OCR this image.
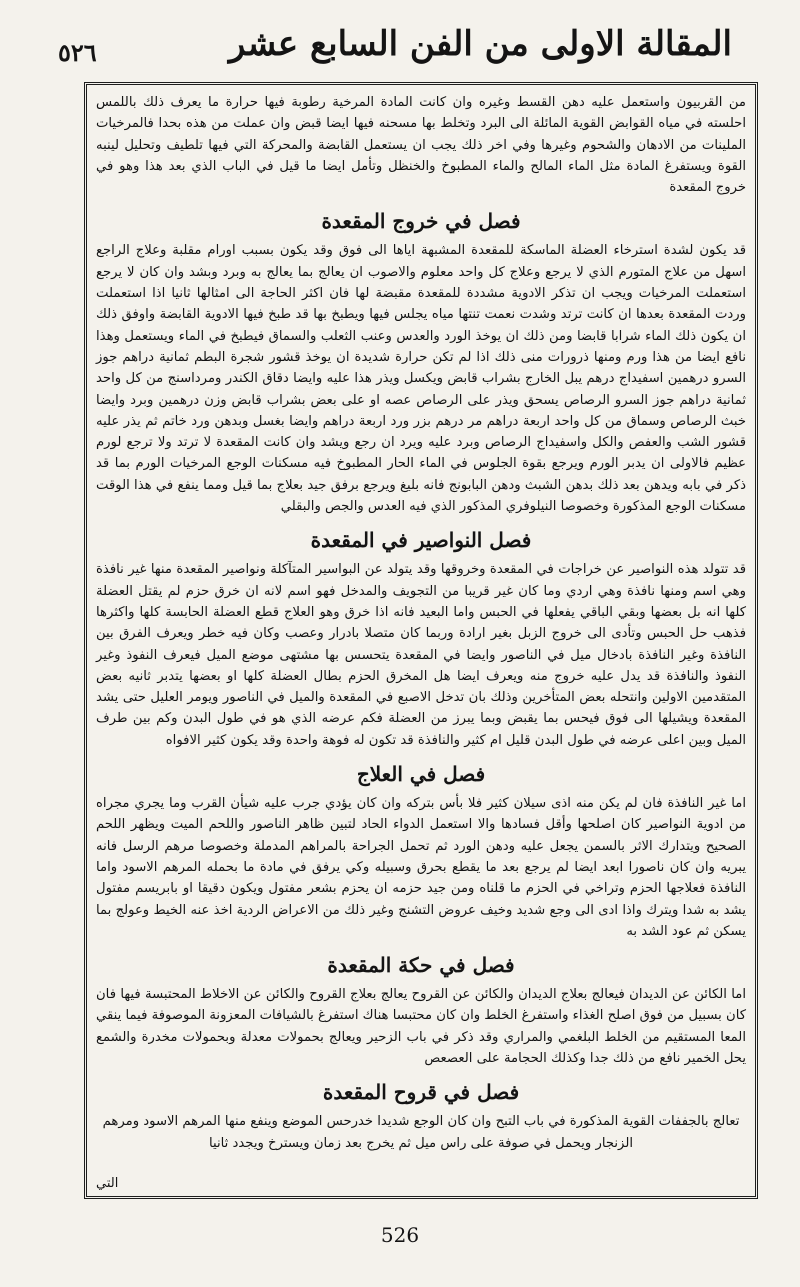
٥٢٦	المقالة الاولى من الفن السابع عشر

من القربيون واستعمل عليه دهن القسط وغيره وان كانت المادة المرخية رطوبة فيها حرارة ما يعرف ذلك باللمس احلسته في مياه القوابض القوية المائلة الى البرد وتخلط بها مسحنه فيها ايضا قبض وان عملت من هذه بحدا فالمرخيات الملينات من الادهان والشحوم وغيرها وفي اخر ذلك يجب ان يستعمل القابضة والمحركة التي فيها تلطيف وتحليل لينبه القوة ويستفرغ المادة مثل الماء المالح والماء المطبوخ والخنظل وتأمل ايضا ما قيل في الباب الذي بعد هذا وهو في خروج المقعدة

فصل في خروج المقعدة

قد يكون لشدة استرخاء العضلة الماسكة للمقعدة المشبهة اياها الى فوق وقد يكون بسبب اورام مقلبة وعلاج الراجع اسهل من علاج المتورم الذي لا يرجع وعلاج كل واحد معلوم والاصوب ان يعالج بما يعالج به وبرد وبشد وان كان لا يرجع استعملت المرخيات ويجب ان تذكر الادوية مشددة للمقعدة مقبضة لها فان اكثر الحاجة الى امثالها ثانيا اذا استعملت وردت المقعدة بعدها ان كانت ترتد وشدت نعمت تنتها مياه يجلس فيها ويطبخ بها قد طبخ فيها الادوية القابضة واوفق ذلك ان يكون ذلك الماء شرابا قابضا ومن ذلك ان يوخذ الورد والعدس وعنب الثعلب والسماق فيطبخ في الماء ويستعمل وهذا نافع ايضا من هذا ورم ومنها ذرورات منى ذلك اذا لم تكن حرارة شديدة ان يوخذ قشور شجرة البطم ثمانية دراهم جوز السرو درهمين اسفيداج درهم يبل الخارج بشراب قابض ويكسل ويذر هذا عليه وايضا دقاق الكندر ومرداسنج من كل واحد ثمانية دراهم جوز السرو الرصاص يسحق ويذر على الرصاص عصه او على بعض بشراب قابض وزن درهمين وبرد وايضا خبث الرصاص وسماق من كل واحد اربعة دراهم مر درهم بزر ورد اربعة دراهم وايضا بغسل وبدهن ورد خاتم ثم يذر عليه قشور الشب والعفص والكل واسفيداج الرصاص وبرد عليه ويرد ان رجع ويشد وان كانت المقعدة لا ترتد ولا ترجع لورم عظيم فالاولى ان يدبر الورم ويرجع بقوة الجلوس في الماء الحار المطبوخ فيه مسكنات الوجع المرخيات الورم بما قد ذكر في بابه ويدهن بعد ذلك بدهن الشبث ودهن البابونج فانه بليغ ويرجع برفق جيد بعلاج بما قيل ومما ينفع في هذا الوقت مسكنات الوجع المذكورة وخصوصا النيلوفري المذكور الذي فيه العدس والجص والبقلي

فصل النواصير في المقعدة

قد تتولد هذه النواصير عن خراجات في المقعدة وخروقها وقد يتولد عن البواسير المتآكلة ونواصير المقعدة منها غير نافذة وهي اسم ومنها نافذة وهي اردي وما كان غير قريبا من التجويف والمدخل فهو اسم لانه ان خرق حزم لم يقتل العضلة كلها انه بل بعضها وبقي الباقي يفعلها في الحبس واما البعيد فانه اذا خرق وهو العلاج قطع العضلة الحابسة كلها واكثرها فذهب حل الحبس وتأدى الى خروج الزبل بغير ارادة وربما كان متصلا بادرار وعصب وكان فيه خطر ويعرف الفرق بين النافذة وغير النافذة بادخال ميل في الناصور وايضا في المقعدة يتحسس بها مشتهى موضع الميل فيعرف النفوذ وغير النفوذ والنافذة قد يدل عليه خروج منه ويعرف ايضا هل المخرق الحزم بطال العضلة كلها او بعضها يتدبر ثانيه بعض المتقدمين الاولين وانتحله بعض المتأخرين وذلك بان تدخل الاصبع في المقعدة والميل في الناصور ويومر العليل حتى يشد المقعدة ويشيلها الى فوق فيحس بما يقبض وبما يبرز من العضلة فكم عرضه الذي هو في طول البدن وكم بين طرف الميل وبين اعلى عرضه في طول البدن قليل ام كثير والنافذة قد تكون له فوهة واحدة وقد يكون كثير الافواه

فصل في العلاج

اما غير النافذة فان لم يكن منه اذى سيلان كثير فلا بأس بتركه وان كان يؤدي جرب عليه شيأن القرب وما يجري مجراه من ادوية النواصير كان اصلحها وأقل فسادها والا استعمل الدواء الحاد لتبين ظاهر الناصور واللحم الميت ويظهر اللحم الصحيح ويتدارك الاثر بالسمن يجعل عليه ودهن الورد ثم تحمل الجراحة بالمراهم المدملة وخصوصا مرهم الرسل فانه يبريه وان كان ناصورا ابعد ايضا لم يرجع بعد ما يقطع بحرق وسبيله وكي يرفق في مادة ما بحمله المرهم الاسود واما النافذة فعلاجها الحزم وتراخي في الحزم ما قلناه ومن جيد حزمه ان يحزم بشعر مفتول ويكون دقيقا او بابريسم مفتول يشد به شدا ويترك واذا ادى الى وجع شديد وخيف عروض التشنج وغير ذلك من الاعراض الردية اخذ عنه الخيط وعولج بما يسكن ثم عود الشد به

فصل في حكة المقعدة

اما الكائن عن الديدان فيعالج بعلاج الديدان والكائن عن القروح يعالج بعلاج القروح والكائن عن الاخلاط المحتبسة فيها فان كان بسبيل من فوق اصلح الغذاء واستفرغ الخلط وان كان محتبسا هناك استفرغ بالشيافات المعزونة الموصوفة فيما ينقي المعا المستقيم من الخلط البلغمي والمراري وقد ذكر في باب الزحير ويعالج بحمولات معدلة وبحمولات مخدرة والشمع يحل الخمير نافع من ذلك جدا وكذلك الحجامة على العصعص

فصل في قروح المقعدة

تعالج بالجففات القوية المذكورة في باب التبح وان كان الوجع شديدا خدرحس الموضع وينفع منها المرهم الاسود ومرهم الزنجار ويحمل في صوفة على راس ميل ثم يخرج بعد زمان ويسترخ ويجدد ثانيا

التي
526
